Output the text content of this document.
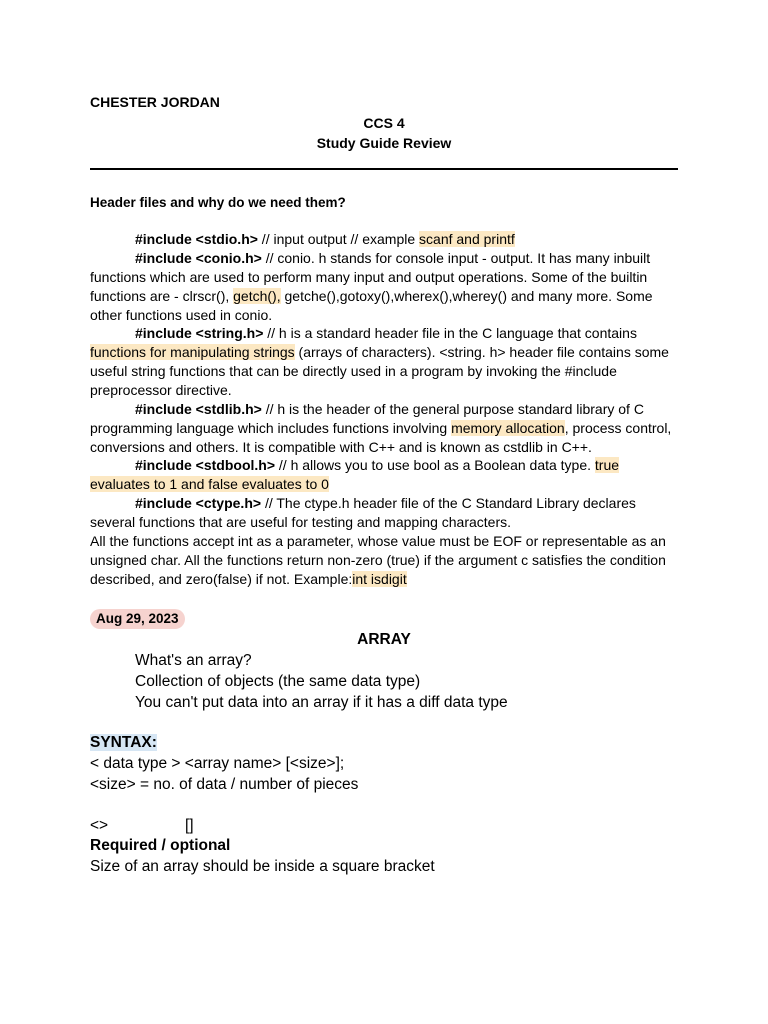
CHESTER JORDAN
CCS 4
Study Guide Review
Header files and why do we need them?
#include <stdio.h> // input output // example scanf and printf
#include <conio.h> // conio. h stands for console input - output. It has many inbuilt functions which are used to perform many input and output operations. Some of the builtin functions are - clrscr(), getch(), getche(),gotoxy(),wherex(),wherey() and many more. Some other functions used in conio.
#include <string.h> // h is a standard header file in the C language that contains functions for manipulating strings (arrays of characters). <string. h> header file contains some useful string functions that can be directly used in a program by invoking the #include preprocessor directive.
#include <stdlib.h> // h is the header of the general purpose standard library of C programming language which includes functions involving memory allocation, process control, conversions and others. It is compatible with C++ and is known as cstdlib in C++.
#include <stdbool.h> // h allows you to use bool as a Boolean data type. true evaluates to 1 and false evaluates to 0
#include <ctype.h> // The ctype.h header file of the C Standard Library declares several functions that are useful for testing and mapping characters.
All the functions accept int as a parameter, whose value must be EOF or representable as an unsigned char. All the functions return non-zero (true) if the argument c satisfies the condition described, and zero(false) if not. Example:int isdigit
Aug 29, 2023
ARRAY
What's an array?
Collection of objects (the same data type)
You can't put data into an array if it has a diff data type
SYNTAX:
< data type > <array name> [<size>];
<size> = no. of data / number of pieces
<>	[]
Required / optional
Size of an array should be inside a square bracket
